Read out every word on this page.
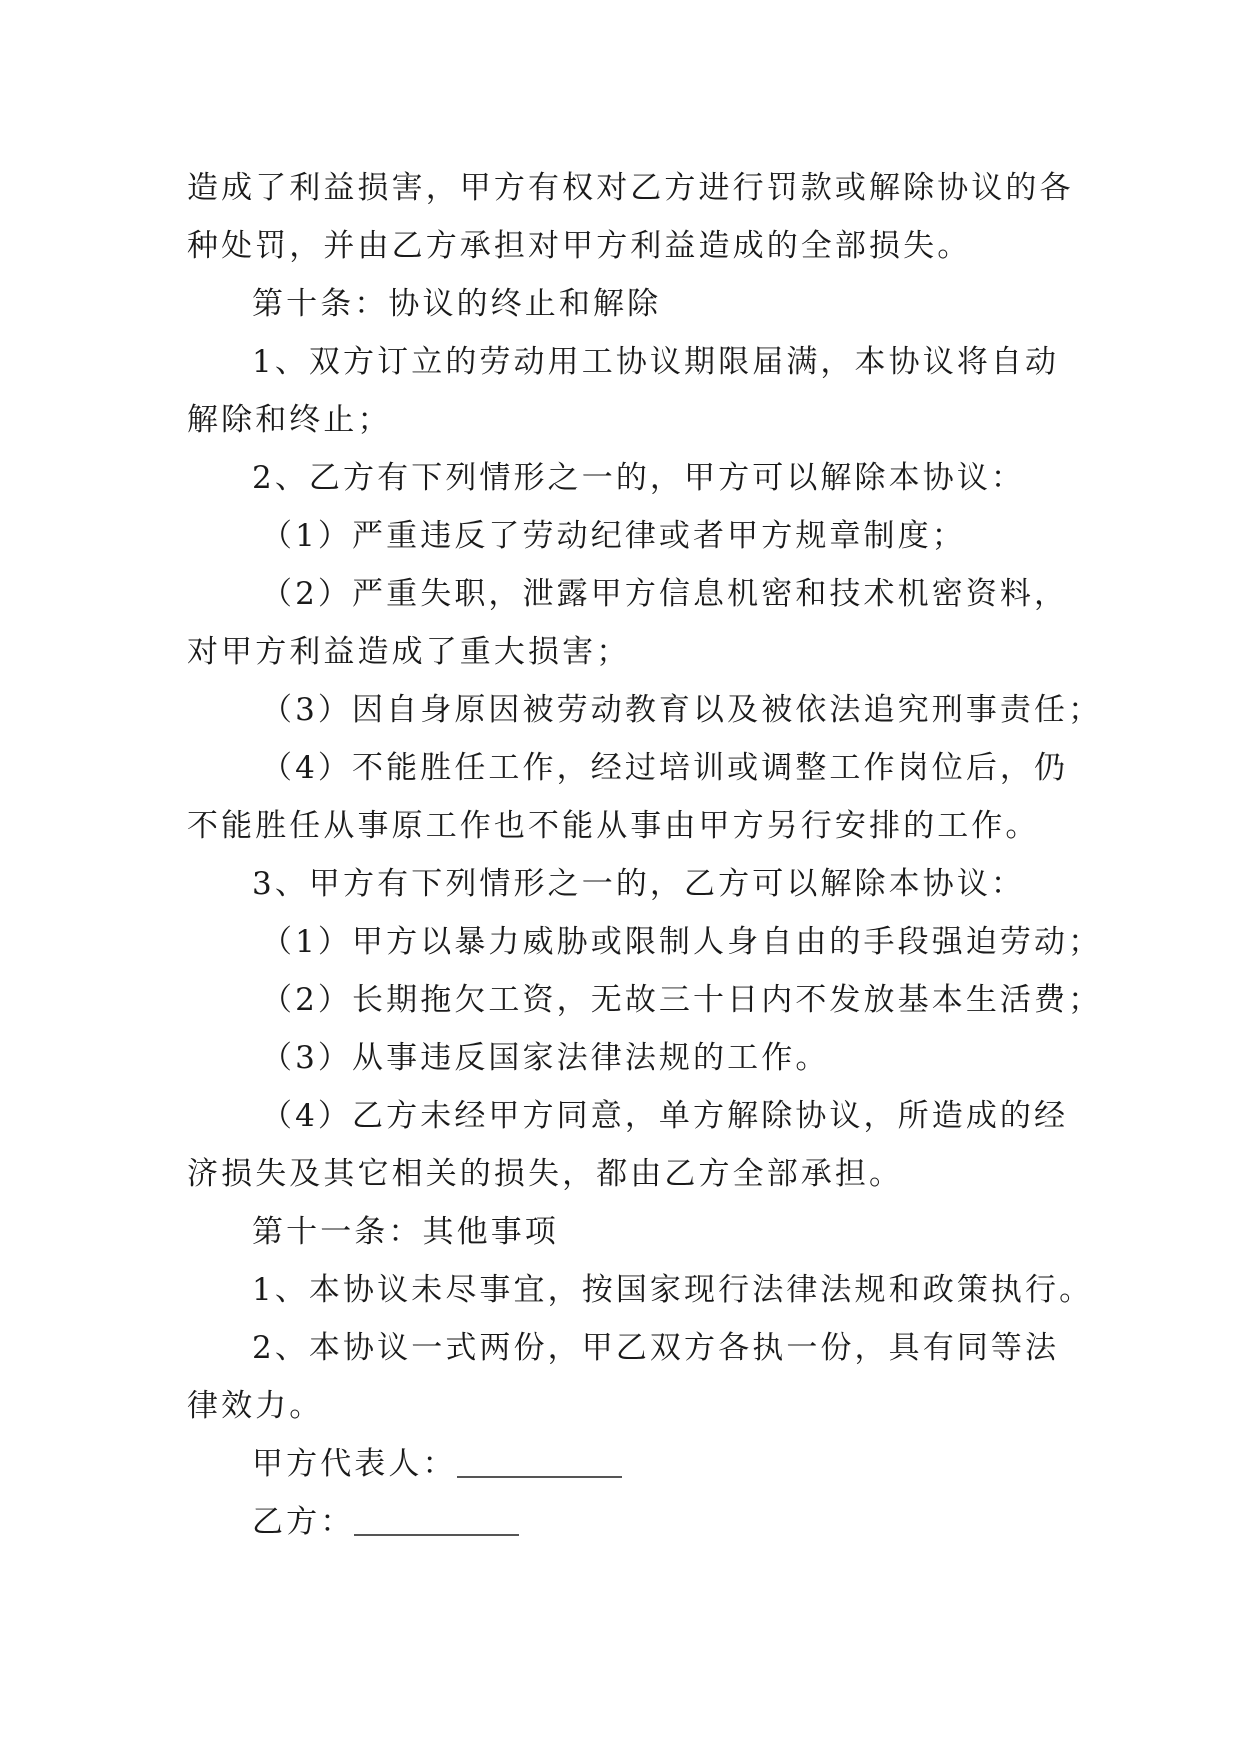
造成了利益损害，甲方有权对乙方进行罚款或解除协议的各
种处罚，并由乙方承担对甲方利益造成的全部损失。
第十条：协议的终止和解除
1、双方订立的劳动用工协议期限届满，本协议将自动
解除和终止；
2、乙方有下列情形之一的，甲方可以解除本协议：
（1）严重违反了劳动纪律或者甲方规章制度；
（2）严重失职，泄露甲方信息机密和技术机密资料，
对甲方利益造成了重大损害；
（3）因自身原因被劳动教育以及被依法追究刑事责任；
（4）不能胜任工作，经过培训或调整工作岗位后，仍
不能胜任从事原工作也不能从事由甲方另行安排的工作。
3、甲方有下列情形之一的，乙方可以解除本协议：
（1）甲方以暴力威胁或限制人身自由的手段强迫劳动；
（2）长期拖欠工资，无故三十日内不发放基本生活费；
（3）从事违反国家法律法规的工作。
（4）乙方未经甲方同意，单方解除协议，所造成的经
济损失及其它相关的损失，都由乙方全部承担。
第十一条：其他事项
1、本协议未尽事宜，按国家现行法律法规和政策执行。
2、本协议一式两份，甲乙双方各执一份，具有同等法
律效力。
甲方代表人：
乙方：
